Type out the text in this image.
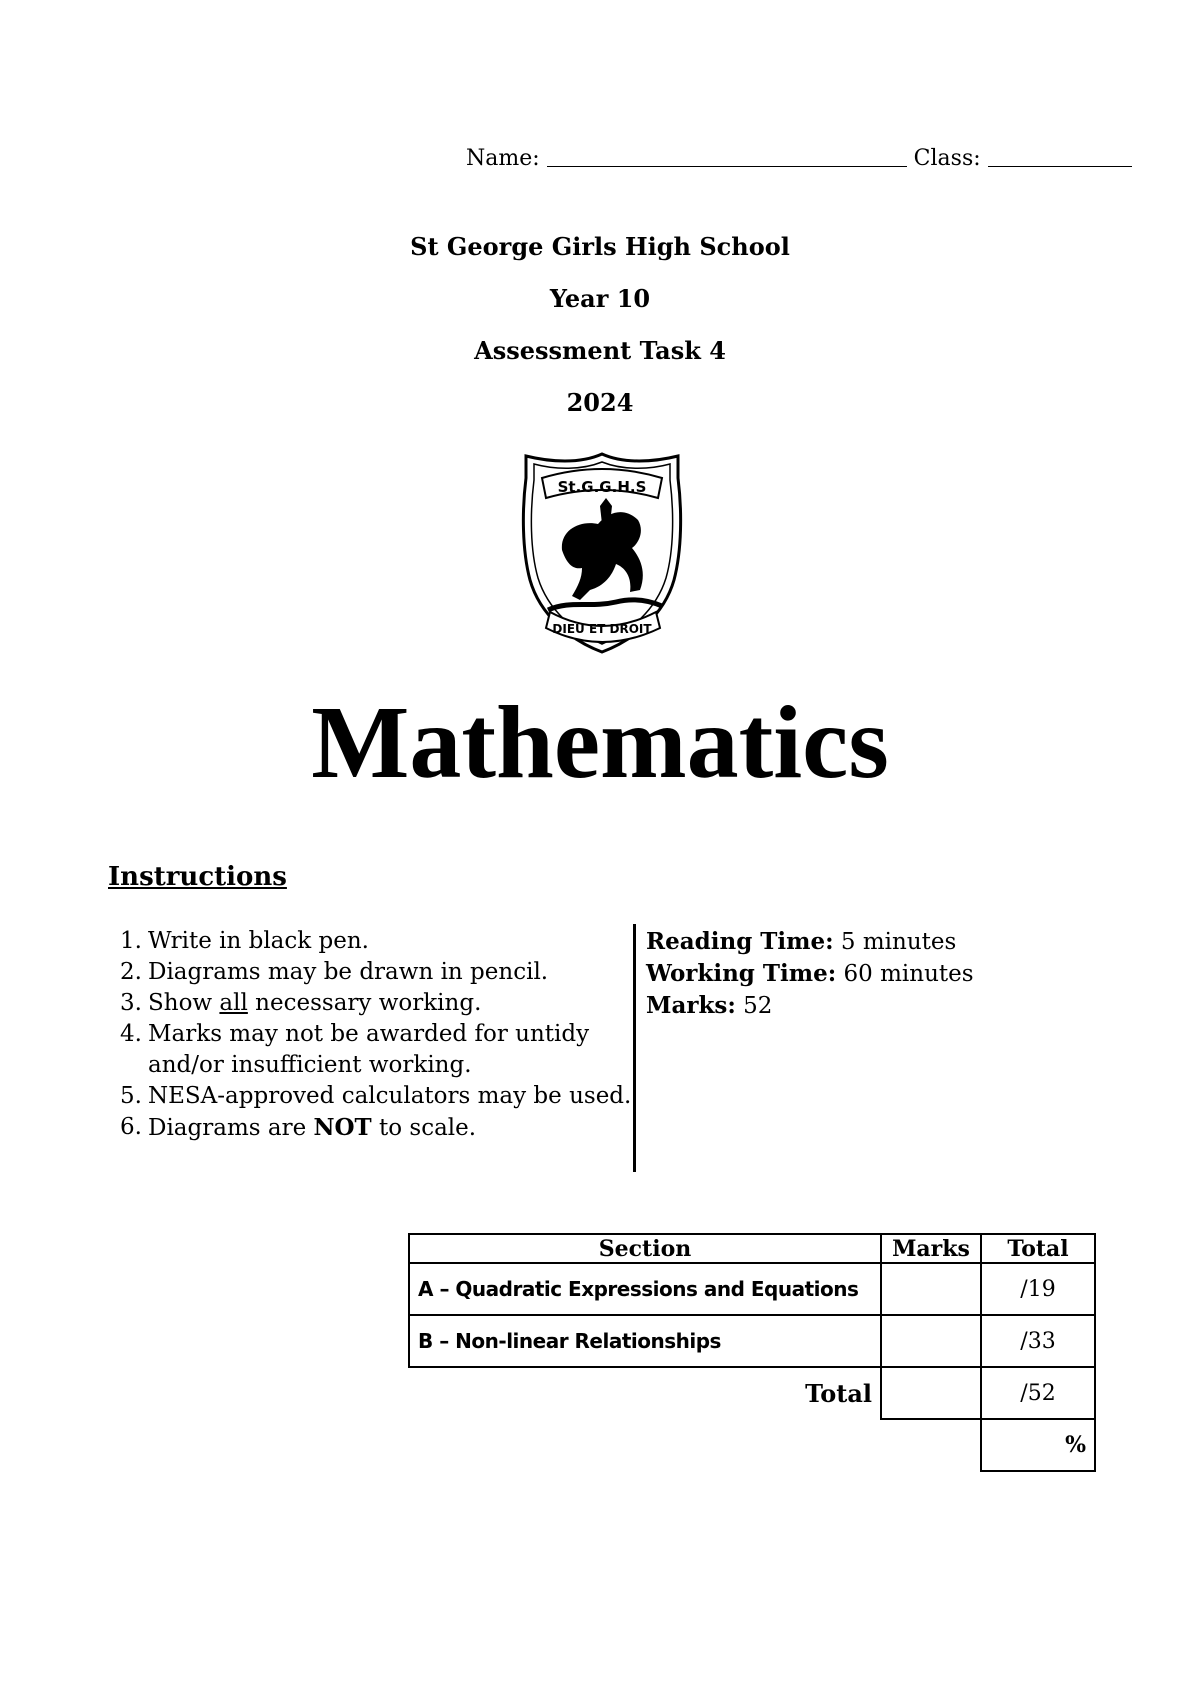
Name:	Class:
St George Girls High School
Year 10
Assessment Task 4
2024
St.G.G.H.S
DIEU ET DROIT
Mathematics
Instructions
1. Write in black pen.
2. Diagrams may be drawn in pencil.
3. Show all necessary working.
4. Marks may not be awarded for untidy and/or insufficient working.
5. NESA-approved calculators may be used.
6. Diagrams are NOT to scale.
Reading Time: 5 minutes
Working Time: 60 minutes
Marks: 52
Section	Marks	Total
A – Quadratic Expressions and Equations		/19
B – Non-linear Relationships		/33
Total		/52
		%
